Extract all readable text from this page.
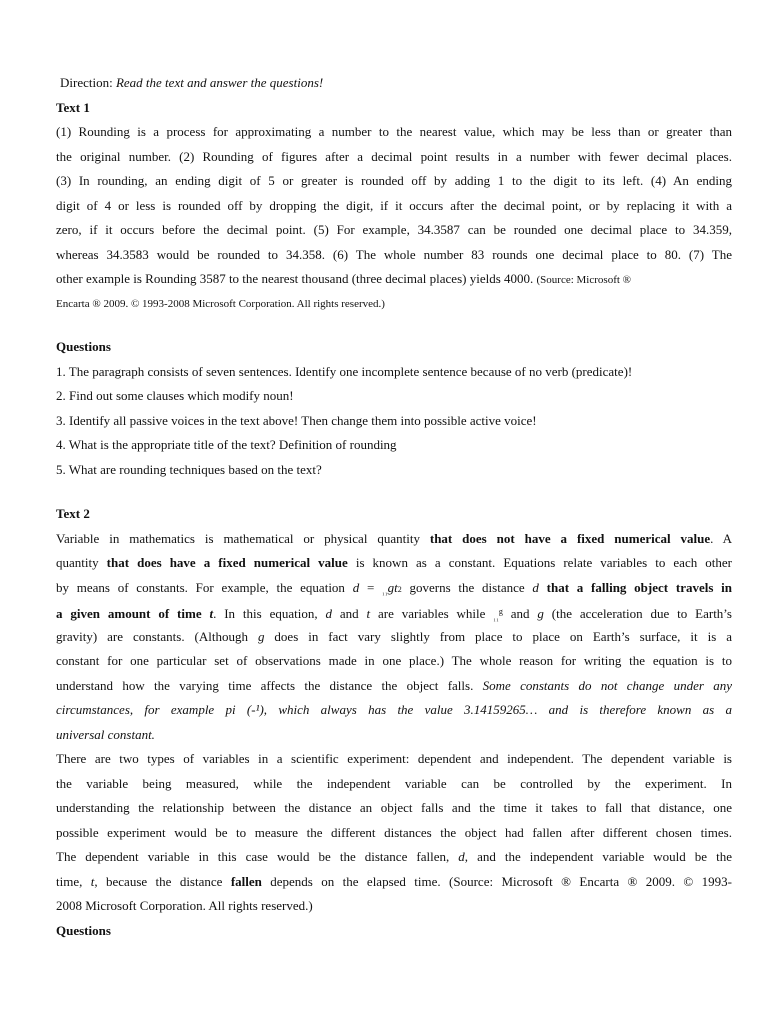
Direction: Read the text and answer the questions!
Text 1
(1) Rounding is a process for approximating a number to the nearest value, which may be less than or greater than
the original number. (2) Rounding of figures after a decimal point results in a number with fewer decimal places.
(3) In rounding, an ending digit of 5 or greater is rounded off by adding 1 to the digit to its left. (4) An ending
digit of 4 or less is rounded off by dropping the digit, if it occurs after the decimal point, or by replacing it with a
zero, if it occurs before the decimal point. (5) For example, 34.3587 can be rounded one decimal place to 34.359,
whereas 34.3583 would be rounded to 34.358. (6) The whole number 83 rounds one decimal place to 80. (7) The
other example is Rounding 3587 to the nearest thousand (three decimal places) yields 4000. (Source: Microsoft ®
Encarta ® 2009. © 1993-2008 Microsoft Corporation. All rights reserved.)
Questions
1. The paragraph consists of seven sentences. Identify one incomplete sentence because of no verb (predicate)!
2. Find out some clauses which modify noun!
3. Identify all passive voices in the text above! Then change them into possible active voice!
4. What is the appropriate title of the text? Definition of rounding
5. What are rounding techniques based on the text?
Text 2
Variable in mathematics is mathematical or physical quantity that does not have a fixed numerical value. A
quantity that does have a fixed numerical value is known as a constant. Equations relate variables to each other
by means of constants. For example, the equation d = $_{_{11}}$gt2 governs the distance d that a falling object travels in
a given amount of time t. In this equation, d and t are variables while $_{_{11}}^g$ and g (the acceleration due to Earth’s
gravity) are constants. (Although g does in fact vary slightly from place to place on Earth’s surface, it is a
constant for one particular set of observations made in one place.) The whole reason for writing the equation is to
understand how the varying time affects the distance the object falls. Some constants do not change under any
circumstances, for example pi (-¹), which always has the value 3.14159265… and is therefore known as a
universal constant.
There are two types of variables in a scientific experiment: dependent and independent. The dependent variable is
the variable being measured, while the independent variable can be controlled by the experiment. In
understanding the relationship between the distance an object falls and the time it takes to fall that distance, one
possible experiment would be to measure the different distances the object had fallen after different chosen times.
The dependent variable in this case would be the distance fallen, d, and the independent variable would be the
time, t, because the distance fallen depends on the elapsed time. (Source: Microsoft ® Encarta ® 2009. © 1993-
2008 Microsoft Corporation. All rights reserved.)
Questions
